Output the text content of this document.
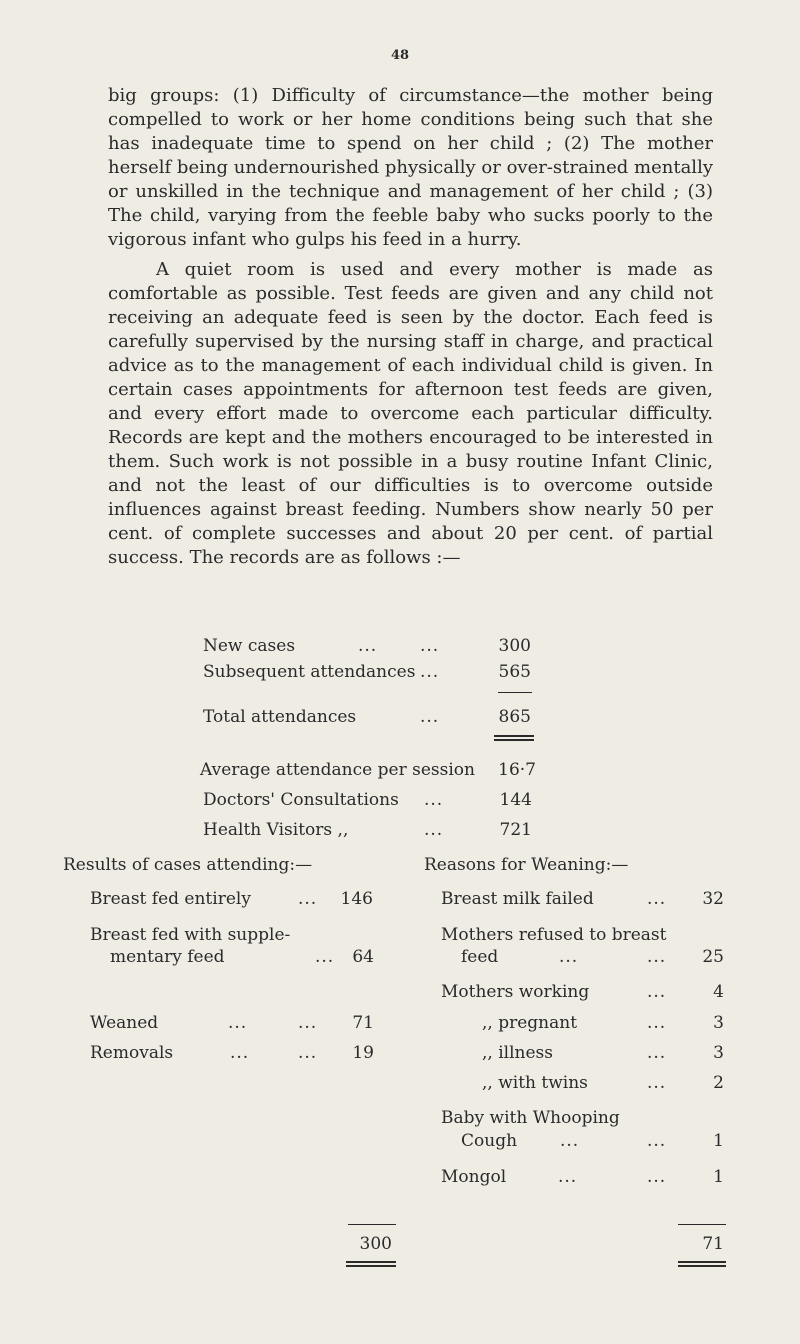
48

big groups: (1) Difficulty of circumstance—the mother being compelled to work or her home conditions being such that she has inadequate time to spend on her child ; (2) The mother herself being undernourished physically or over-strained mentally or unskilled in the technique and management of her child ; (3) The child, varying from the feeble baby who sucks poorly to the vigorous infant who gulps his feed in a hurry.

A quiet room is used and every mother is made as comfortable as possible. Test feeds are given and any child not receiving an adequate feed is seen by the doctor. Each feed is carefully supervised by the nursing staff in charge, and practical advice as to the management of each individual child is given. In certain cases appointments for afternoon test feeds are given, and every effort made to overcome each particular difficulty. Records are kept and the mothers encouraged to be interested in them. Such work is not possible in a busy routine Infant Clinic, and not the least of our difficulties is to overcome outside influences against breast feeding. Numbers show nearly 50 per cent. of complete successes and about 20 per cent. of partial success. The records are as follows :—

New cases	...	...	300
Subsequent attendances ...	565
Total attendances	...	865
Average attendance per session	16·7
Doctors' Consultations ...	144
Health Visitors ,,	...	721
Results of cases attending:—
Breast fed entirely	...	146
Breast fed with supple-
mentary feed	...	64
Weaned	...	...	71
Removals	...	...	19
300
Reasons for Weaning:—
Breast milk failed	...	32
Mothers refused to breast
feed	...	...	25
Mothers working	...	4
,, pregnant	...	3
,, illness	...	3
,, with twins	...	2
Baby with Whooping
Cough	...	...	1
Mongol	...	...	1
71
